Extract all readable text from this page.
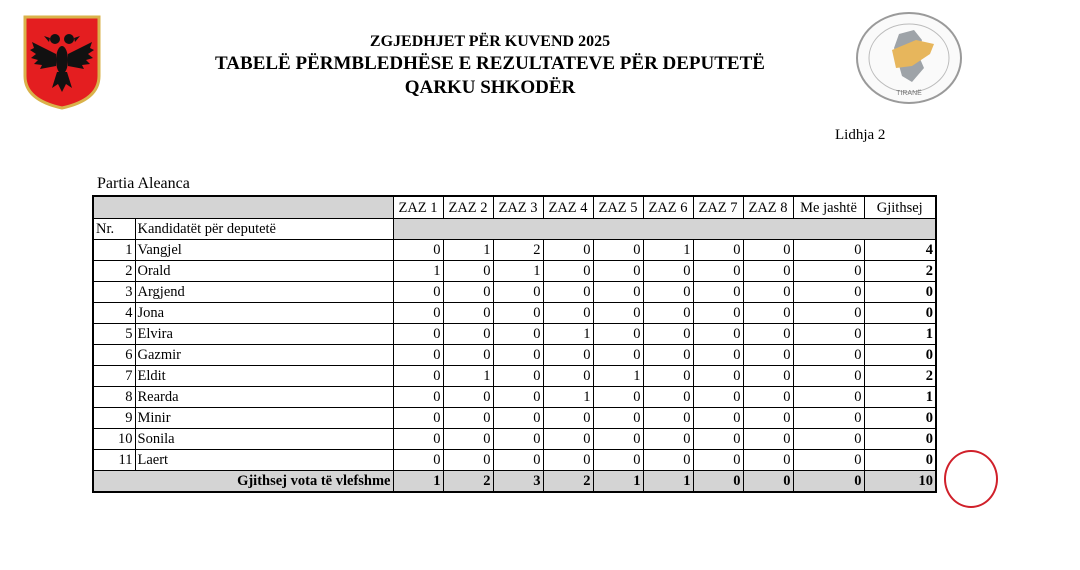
ZGJEDHJET PËR KUVEND 2025
TABELË PËRMBLEDHËSE E REZULTATEVE PËR DEPUTETË
QARKU SHKODËR	TIRANË
Lidhja 2
Partia Aleanca
		ZAZ 1	ZAZ 2	ZAZ 3	ZAZ 4	ZAZ 5	ZAZ 6	ZAZ 7	ZAZ 8	Me jashtë	Gjithsej
Nr.	Kandidatët për deputetë										
1	Vangjel	0	1	2	0	0	1	0	0	0	4
2	Orald	1	0	1	0	0	0	0	0	0	2
3	Argjend	0	0	0	0	0	0	0	0	0	0
4	Jona	0	0	0	0	0	0	0	0	0	0
5	Elvira	0	0	0	1	0	0	0	0	0	1
6	Gazmir	0	0	0	0	0	0	0	0	0	0
7	Eldit	0	1	0	0	1	0	0	0	0	2
8	Rearda	0	0	0	1	0	0	0	0	0	1
9	Minir	0	0	0	0	0	0	0	0	0	0
10	Sonila	0	0	0	0	0	0	0	0	0	0
11	Laert	0	0	0	0	0	0	0	0	0	0
Gjithsej vota të vlefshme		1	2	3	2	1	1	0	0	0	10
